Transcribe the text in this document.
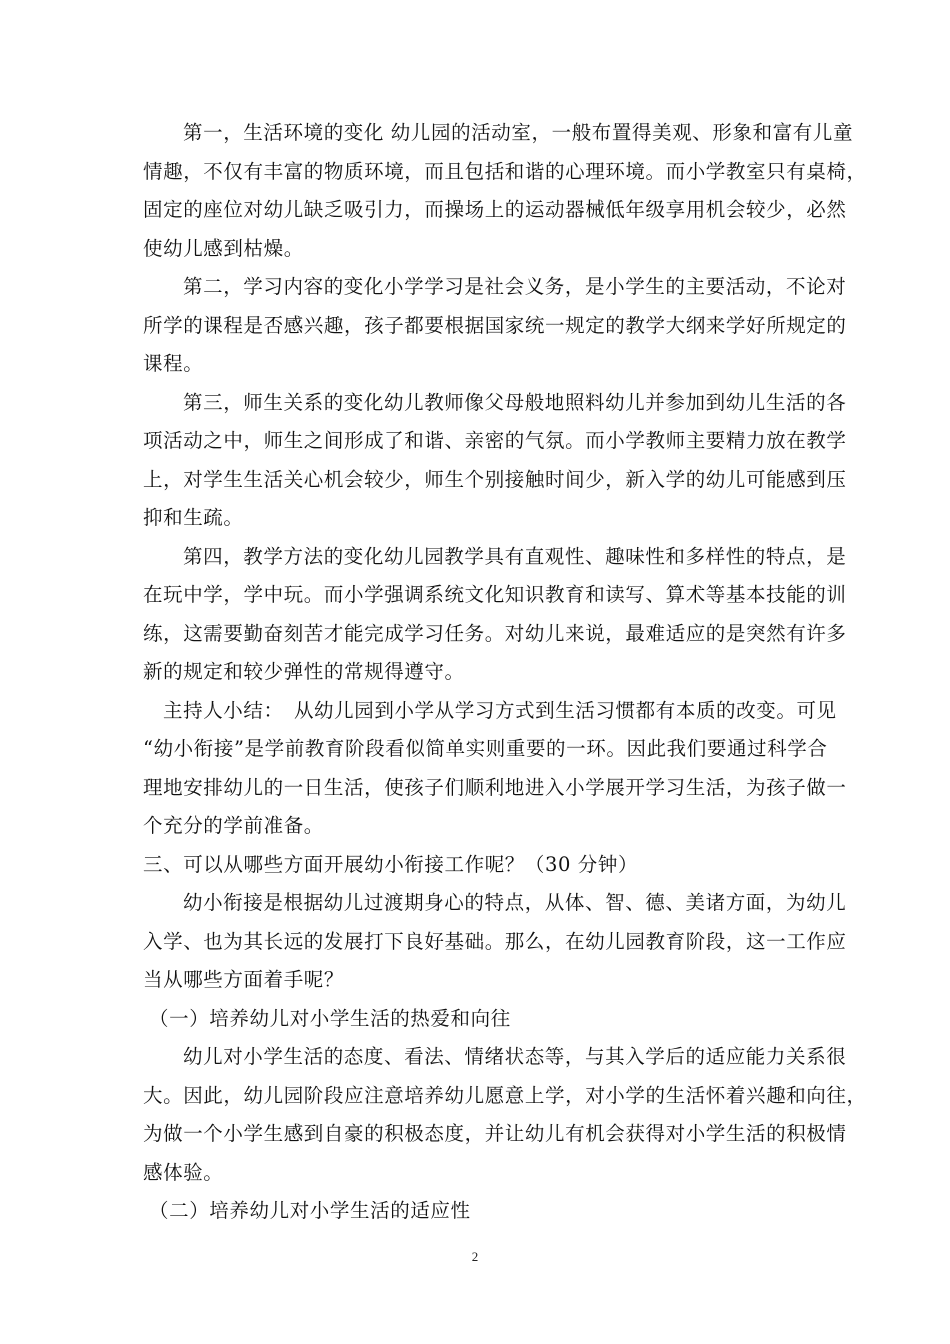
第一，生活环境的变化 幼儿园的活动室，一般布置得美观、形象和富有儿童
情趣，不仅有丰富的物质环境，而且包括和谐的心理环境。而小学教室只有桌椅，
固定的座位对幼儿缺乏吸引力，而操场上的运动器械低年级享用机会较少，必然
使幼儿感到枯燥。
第二，学习内容的变化小学学习是社会义务，是小学生的主要活动，不论对
所学的课程是否感兴趣，孩子都要根据国家统一规定的教学大纲来学好所规定的
课程。
第三，师生关系的变化幼儿教师像父母般地照料幼儿并参加到幼儿生活的各
项活动之中，师生之间形成了和谐、亲密的气氛。而小学教师主要精力放在教学
上，对学生生活关心机会较少，师生个别接触时间少，新入学的幼儿可能感到压
抑和生疏。
第四，教学方法的变化幼儿园教学具有直观性、趣味性和多样性的特点，是
在玩中学，学中玩。而小学强调系统文化知识教育和读写、算术等基本技能的训
练，这需要勤奋刻苦才能完成学习任务。对幼儿来说，最难适应的是突然有许多
新的规定和较少弹性的常规得遵守。
主持人小结：　从幼儿园到小学从学习方式到生活习惯都有本质的改变。可见
“幼小衔接”是学前教育阶段看似简单实则重要的一环。因此我们要通过科学合
理地安排幼儿的一日生活，使孩子们顺利地进入小学展开学习生活，为孩子做一
个充分的学前准备。
三、可以从哪些方面开展幼小衔接工作呢？（30 分钟）
幼小衔接是根据幼儿过渡期身心的特点，从体、智、德、美诸方面，为幼儿
入学、也为其长远的发展打下良好基础。那么，在幼儿园教育阶段，这一工作应
当从哪些方面着手呢？
（一）培养幼儿对小学生活的热爱和向往
幼儿对小学生活的态度、看法、情绪状态等，与其入学后的适应能力关系很
大。因此，幼儿园阶段应注意培养幼儿愿意上学，对小学的生活怀着兴趣和向往，
为做一个小学生感到自豪的积极态度，并让幼儿有机会获得对小学生活的积极情
感体验。
（二）培养幼儿对小学生活的适应性
2
